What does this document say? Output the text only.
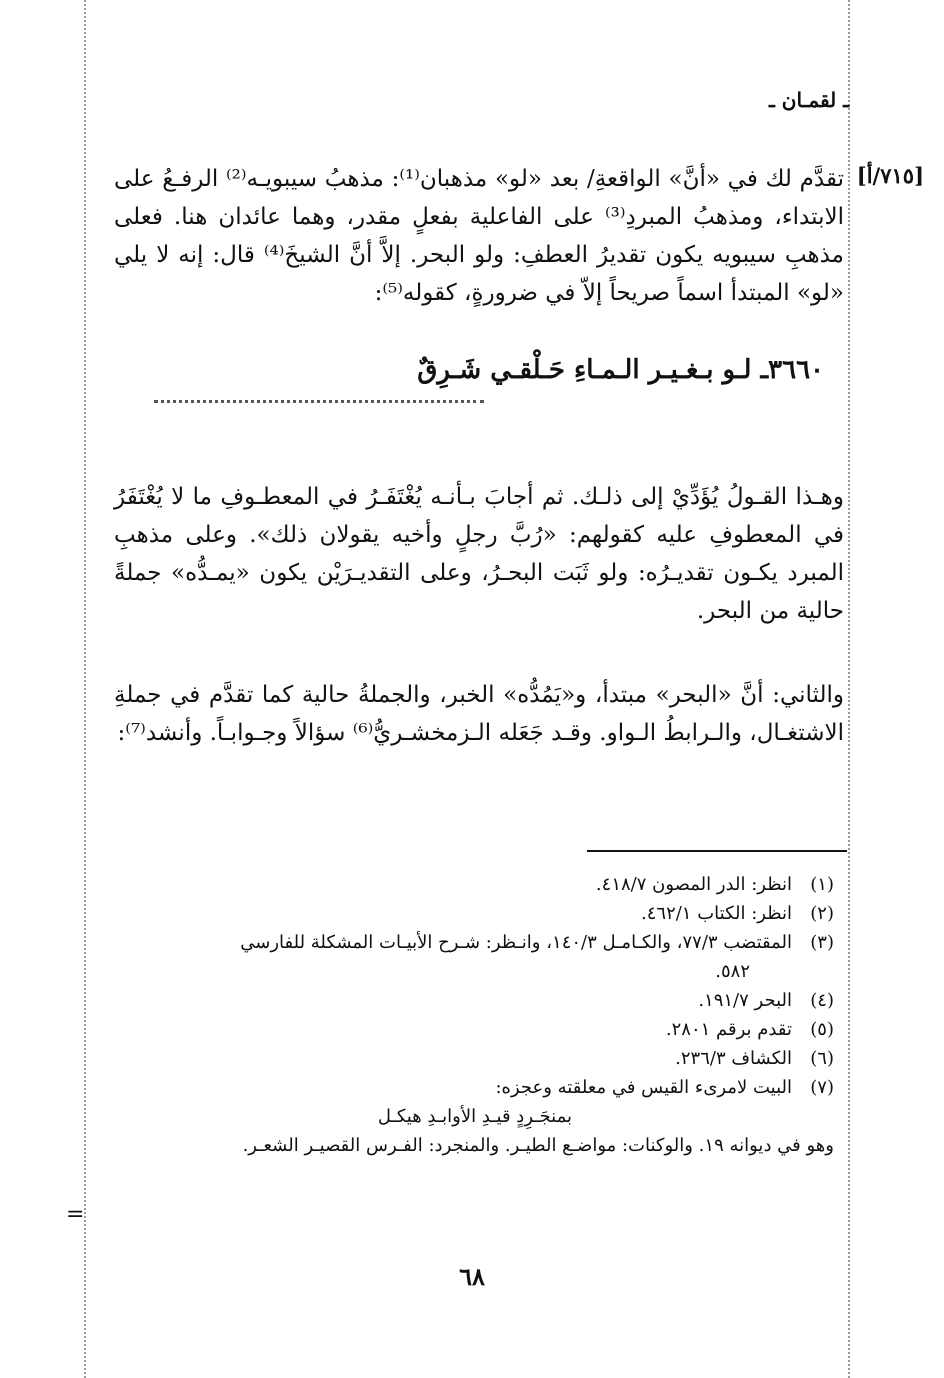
ـ لقمـان ـ
[٧١٥/أ]
تقدَّم لك في «أنَّ» الواقعةِ/ بعد «لو» مذهبان⁽¹⁾: مذهبُ سيبويـه⁽²⁾ الرفـعُ على الابتداء، ومذهبُ المبردِ⁽³⁾ على الفاعلية بفعلٍ مقدر، وهما عائدان هنا. فعلى مذهبِ سيبويه يكون تقديرُ العطفِ: ولو البحر. إلاَّ أنَّ الشيخَ⁽⁴⁾ قال: إنه لا يلي «لو» المبتدأ اسماً صريحاً إلاّ في ضرورةٍ، كقوله⁽⁵⁾:
٣٦٦٠ـ لـو بـغـيـر الـمـاءِ حَـلْقـي شَـرِقٌ
وهـذا القـولُ يُؤَدِّيْ إلى ذلـك. ثم أجابَ بـأنـه يُغْتَفَـرُ في المعطـوفِ ما لا يُغْتَفَرُ في المعطوفِ عليه كقولهم: «رُبَّ رجلٍ وأخيه يقولان ذلك». وعلى مذهبِ المبرد يكـون تقديـرُه: ولو ثَبَت البحـرُ، وعلى التقديـرَيْن يكون «يمـدُّه» جملةً حالية من البحر.
والثاني: أنَّ «البحر» مبتدأ، و«يَمُدُّه» الخبر، والجملةُ حالية كما تقدَّم في جملةِ الاشتغـال، والـرابطُ الـواو. وقـد جَعَله الـزمخشـريُّ⁽⁶⁾ سؤالاً وجـوابـاً. وأنشد⁽⁷⁾:
(١)
انظر: الدر المصون ٤١٨/٧.
(٢)
انظر: الكتاب ٤٦٢/١.
(٣)
المقتضب ٧٧/٣، والكـامـل ١٤٠/٣، وانـظر: شـرح الأبيـات المشكلة للفارسي
٥٨٢.
(٤)
البحر ١٩١/٧.
(٥)
تقدم برقم ٢٨٠١.
(٦)
الكشاف ٢٣٦/٣.
(٧)
البيت لامرىء القيس في معلقته وعجزه:
بمنجَـرِدٍ قيـدِ الأوابـدِ هيكـل
وهو في ديوانه ١٩. والوكنات: مواضـع الطيـر. والمنجرد: الفـرس القصيـر الشعـر.
=
٦٨
